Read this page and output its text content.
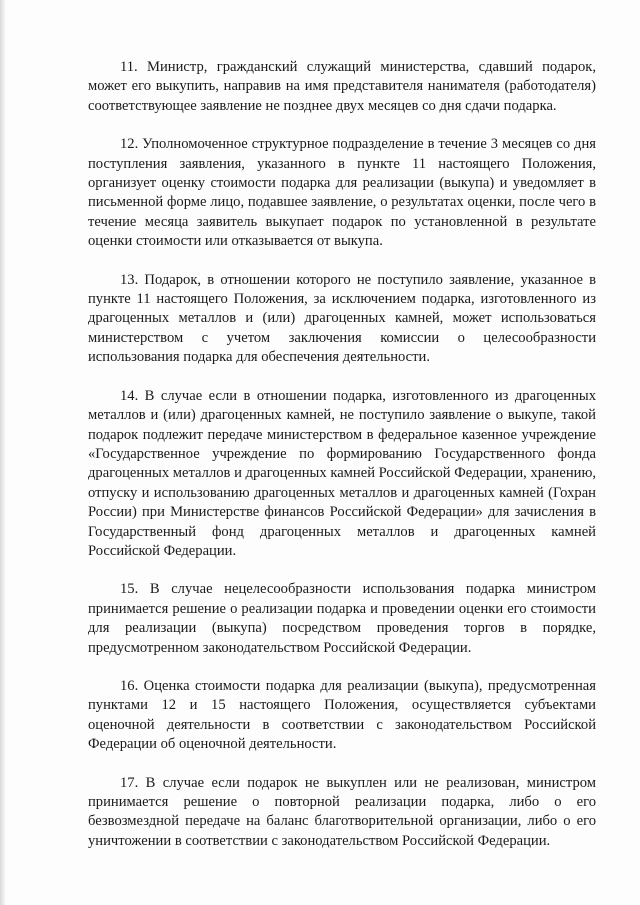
11. Министр, гражданский служащий министерства, сдавший подарок, может его выкупить, направив на имя представителя нанимателя (работодателя) соответствующее заявление не позднее двух месяцев со дня сдачи подарка.

12. Уполномоченное структурное подразделение в течение 3 месяцев со дня поступления заявления, указанного в пункте 11 настоящего Положения, организует оценку стоимости подарка для реализации (выкупа) и уведомляет в письменной форме лицо, подавшее заявление, о результатах оценки, после чего в течение месяца заявитель выкупает подарок по установленной в результате оценки стоимости или отказывается от выкупа.

13. Подарок, в отношении которого не поступило заявление, указанное в пункте 11 настоящего Положения, за исключением подарка, изготовленного из драгоценных металлов и (или) драгоценных камней, может использоваться министерством с учетом заключения комиссии о целесообразности использования подарка для обеспечения деятельности.

14. В случае если в отношении подарка, изготовленного из драгоценных металлов и (или) драгоценных камней, не поступило заявление о выкупе, такой подарок подлежит передаче министерством в федеральное казенное учреждение «Государственное учреждение по формированию Государственного фонда драгоценных металлов и драгоценных камней Российской Федерации, хранению, отпуску и использованию драгоценных металлов и драгоценных камней (Гохран России) при Министерстве финансов Российской Федерации» для зачисления в Государственный фонд драгоценных металлов и драгоценных камней Российской Федерации.

15. В случае нецелесообразности использования подарка министром принимается решение о реализации подарка и проведении оценки его стоимости для реализации (выкупа) посредством проведения торгов в порядке, предусмотренном законодательством Российской Федерации.

16. Оценка стоимости подарка для реализации (выкупа), предусмотренная пунктами 12 и 15 настоящего Положения, осуществляется субъектами оценочной деятельности в соответствии с законодательством Российской Федерации об оценочной деятельности.

17. В случае если подарок не выкуплен или не реализован, министром принимается решение о повторной реализации подарка, либо о его безвозмездной передаче на баланс благотворительной организации, либо о его уничтожении в соответствии с законодательством Российской Федерации.
